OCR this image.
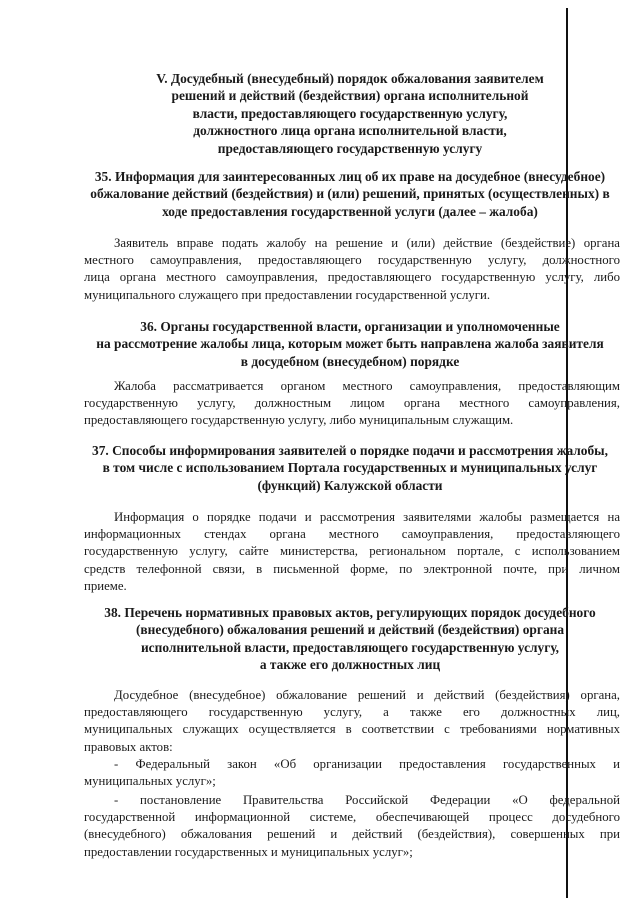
V. Досудебный (внесудебный) порядок обжалования заявителем
решений и действий (бездействия) органа исполнительной
власти, предоставляющего государственную услугу,
должностного лица органа исполнительной власти,
предоставляющего государственную услугу
35. Информация для заинтересованных лиц об их праве на досудебное (внесудебное)
обжалование действий (бездействия) и (или) решений, принятых (осуществленных) в
ходе предоставления государственной услуги (далее – жалоба)
Заявитель вправе подать жалобу на решение и (или) действие (бездействие) органа
местного самоуправления, предоставляющего государственную услугу, должностного
лица органа местного самоуправления, предоставляющего государственную услугу, либо
муниципального служащего при предоставлении государственной услуги.
36. Органы государственной власти, организации и уполномоченные
на рассмотрение жалобы лица, которым может быть направлена жалоба заявителя
в досудебном (внесудебном) порядке
Жалоба рассматривается органом местного самоуправления, предоставляющим
государственную услугу, должностным лицом органа местного самоуправления,
предоставляющего государственную услугу, либо муниципальным служащим.
37. Способы информирования заявителей о порядке подачи и рассмотрения жалобы,
в том числе с использованием Портала государственных и муниципальных услуг
(функций) Калужской области
Информация о порядке подачи и рассмотрения заявителями жалобы размещается на
информационных стендах органа местного самоуправления, предоставляющего
государственную услугу, сайте министерства, региональном портале, с использованием
средств телефонной связи, в письменной форме, по электронной почте, при личном
приеме.
38. Перечень нормативных правовых актов, регулирующих порядок досудебного
(внесудебного) обжалования решений и действий (бездействия) органа
исполнительной власти, предоставляющего государственную услугу,
а также его должностных лиц
Досудебное (внесудебное) обжалование решений и действий (бездействия) органа,
предоставляющего государственную услугу, а также его должностных лиц,
муниципальных служащих осуществляется в соответствии с требованиями нормативных
правовых актов:
- Федеральный закон «Об организации предоставления государственных и
муниципальных услуг»;
- постановление Правительства Российской Федерации «О федеральной
государственной информационной системе, обеспечивающей процесс досудебного
(внесудебного) обжалования решений и действий (бездействия), совершенных при
предоставлении государственных и муниципальных услуг»;
